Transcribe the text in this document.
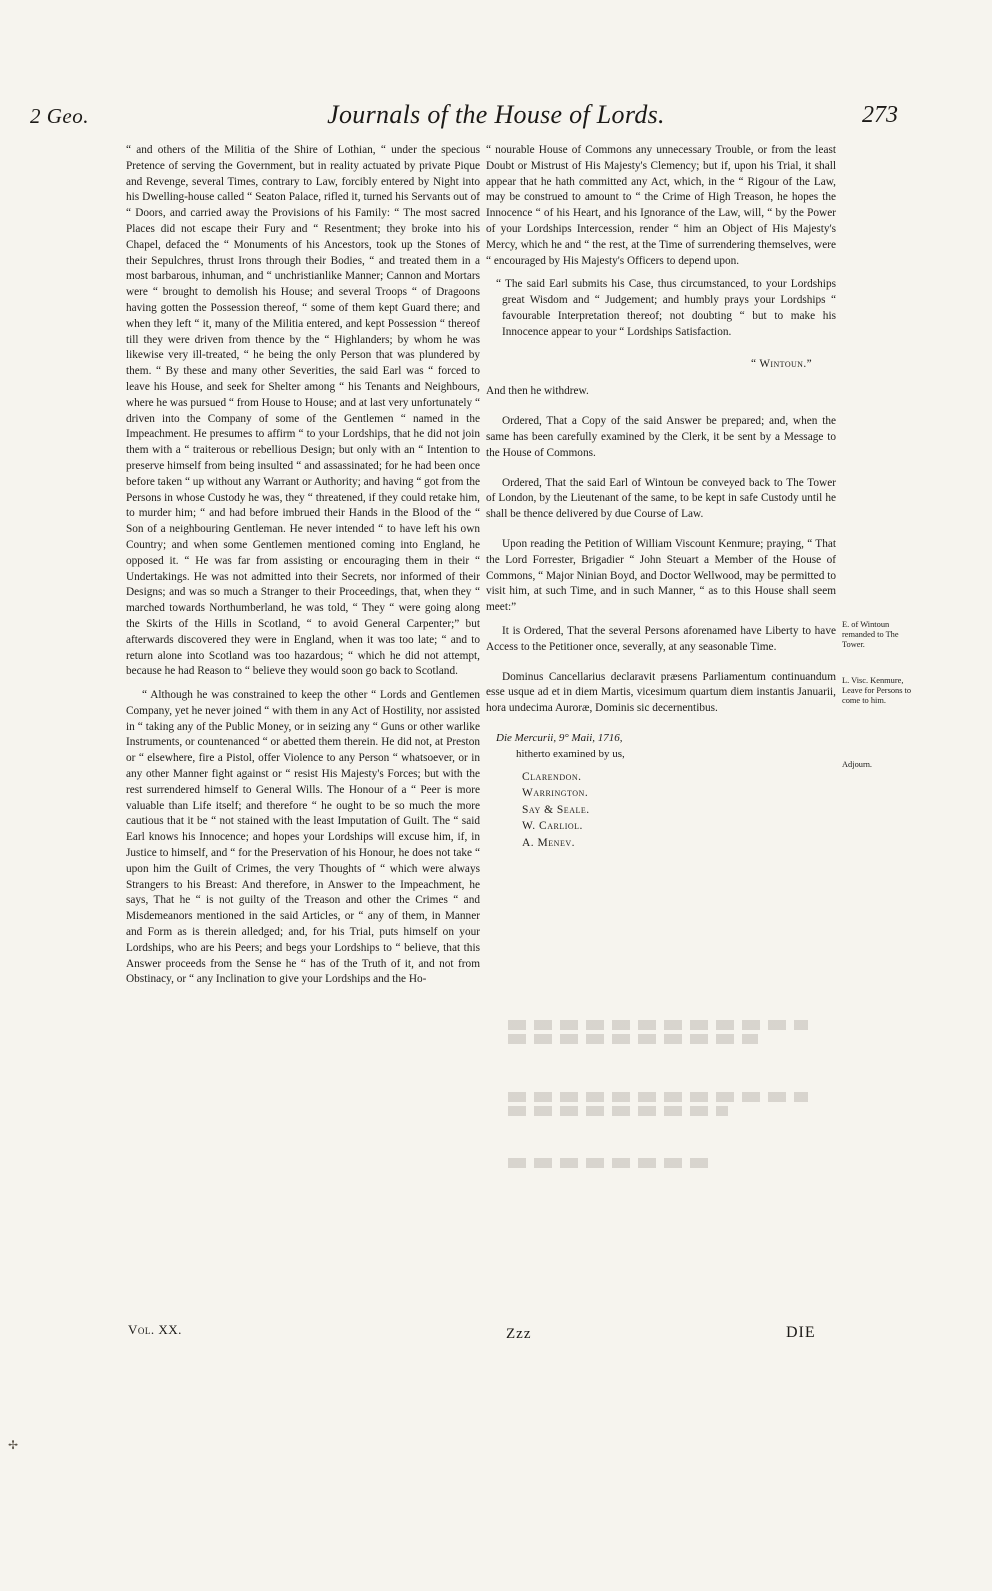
2 Geo.	Journals of the House of Lords.	273

“ and others of the Militia of the Shire of Lothian, “ under the specious Pretence of serving the Government, but in reality actuated by private Pique and Revenge, several Times, contrary to Law, forcibly entered by Night into his Dwelling-house called “ Seaton Palace, rifled it, turned his Servants out of “ Doors, and carried away the Provisions of his Family: “ The most sacred Places did not escape their Fury and “ Resentment; they broke into his Chapel, defaced the “ Monuments of his Ancestors, took up the Stones of their Sepulchres, thrust Irons through their Bodies, “ and treated them in a most barbarous, inhuman, and “ unchristianlike Manner; Cannon and Mortars were “ brought to demolish his House; and several Troops “ of Dragoons having gotten the Possession thereof, “ some of them kept Guard there; and when they left “ it, many of the Militia entered, and kept Possession “ thereof till they were driven from thence by the “ Highlanders; by whom he was likewise very ill-treated, “ he being the only Person that was plundered by them. “ By these and many other Severities, the said Earl was “ forced to leave his House, and seek for Shelter among “ his Tenants and Neighbours, where he was pursued “ from House to House; and at last very unfortunately “ driven into the Company of some of the Gentlemen “ named in the Impeachment. He presumes to affirm “ to your Lordships, that he did not join them with a “ traiterous or rebellious Design; but only with an “ Intention to preserve himself from being insulted “ and assassinated; for he had been once before taken “ up without any Warrant or Authority; and having “ got from the Persons in whose Custody he was, they “ threatened, if they could retake him, to murder him; “ and had before imbrued their Hands in the Blood of the “ Son of a neighbouring Gentleman. He never intended “ to have left his own Country; and when some Gentlemen mentioned coming into England, he opposed it. “ He was far from assisting or encouraging them in their “ Undertakings. He was not admitted into their Secrets, nor informed of their Designs; and was so much a Stranger to their Proceedings, that, when they “ marched towards Northumberland, he was told, “ They “ were going along the Skirts of the Hills in Scotland, “ to avoid General Carpenter;” but afterwards discovered they were in England, when it was too late; “ and to return alone into Scotland was too hazardous; “ which he did not attempt, because he had Reason to “ believe they would soon go back to Scotland.

“ Although he was constrained to keep the other “ Lords and Gentlemen Company, yet he never joined “ with them in any Act of Hostility, nor assisted in “ taking any of the Public Money, or in seizing any “ Guns or other warlike Instruments, or countenanced “ or abetted them therein. He did not, at Preston or “ elsewhere, fire a Pistol, offer Violence to any Person “ whatsoever, or in any other Manner fight against or “ resist His Majesty's Forces; but with the rest surrendered himself to General Wills. The Honour of a “ Peer is more valuable than Life itself; and therefore “ he ought to be so much the more cautious that it be “ not stained with the least Imputation of Guilt. The “ said Earl knows his Innocence; and hopes your Lordships will excuse him, if, in Justice to himself, and “ for the Preservation of his Honour, he does not take “ upon him the Guilt of Crimes, the very Thoughts of “ which were always Strangers to his Breast: And therefore, in Answer to the Impeachment, he says, That he “ is not guilty of the Treason and other the Crimes “ and Misdemeanors mentioned in the said Articles, or “ any of them, in Manner and Form as is therein alledged; and, for his Trial, puts himself on your Lordships, who are his Peers; and begs your Lordships to “ believe, that this Answer proceeds from the Sense he “ has of the Truth of it, and not from Obstinacy, or “ any Inclination to give your Lordships and the Ho-

“ nourable House of Commons any unnecessary Trouble, or from the least Doubt or Mistrust of His Majesty's Clemency; but if, upon his Trial, it shall appear that he hath committed any Act, which, in the “ Rigour of the Law, may be construed to amount to “ the Crime of High Treason, he hopes the Innocence “ of his Heart, and his Ignorance of the Law, will, “ by the Power of your Lordships Intercession, render “ him an Object of His Majesty's Mercy, which he and “ the rest, at the Time of surrendering themselves, were “ encouraged by His Majesty's Officers to depend upon.

“ The said Earl submits his Case, thus circumstanced, to your Lordships great Wisdom and “ Judgement; and humbly prays your Lordships “ favourable Interpretation thereof; not doubting “ but to make his Innocence appear to your “ Lordships Satisfaction.

“ Wintoun.”

And then he withdrew.

Ordered, That a Copy of the said Answer be prepared; and, when the same has been carefully examined by the Clerk, it be sent by a Message to the House of Commons.

Ordered, That the said Earl of Wintoun be conveyed back to The Tower of London, by the Lieutenant of the same, to be kept in safe Custody until he shall be thence delivered by due Course of Law.

Upon reading the Petition of William Viscount Kenmure; praying, “ That the Lord Forrester, Brigadier “ John Steuart a Member of the House of Commons, “ Major Ninian Boyd, and Doctor Wellwood, may be permitted to visit him, at such Time, and in such Manner, “ as to this House shall seem meet:”

It is Ordered, That the several Persons aforenamed have Liberty to have Access to the Petitioner once, severally, at any seasonable Time.

Dominus Cancellarius declaravit præsens Parliamentum continuandum esse usque ad et in diem Martis, vicesimum quartum diem instantis Januarii, hora undecima Auroræ, Dominis sic decernentibus.

Die Mercurii, 9° Maii, 1716,
hitherto examined by us,
Clarendon.
Warrington.
Say & Seale.
W. Carliol.
A. Menev.
E. of Wintoun remanded to The Tower.
L. Visc. Kenmure, Leave for Persons to come to him.
Adjourn.
Vol. XX.	Zzz	DIE
✢
